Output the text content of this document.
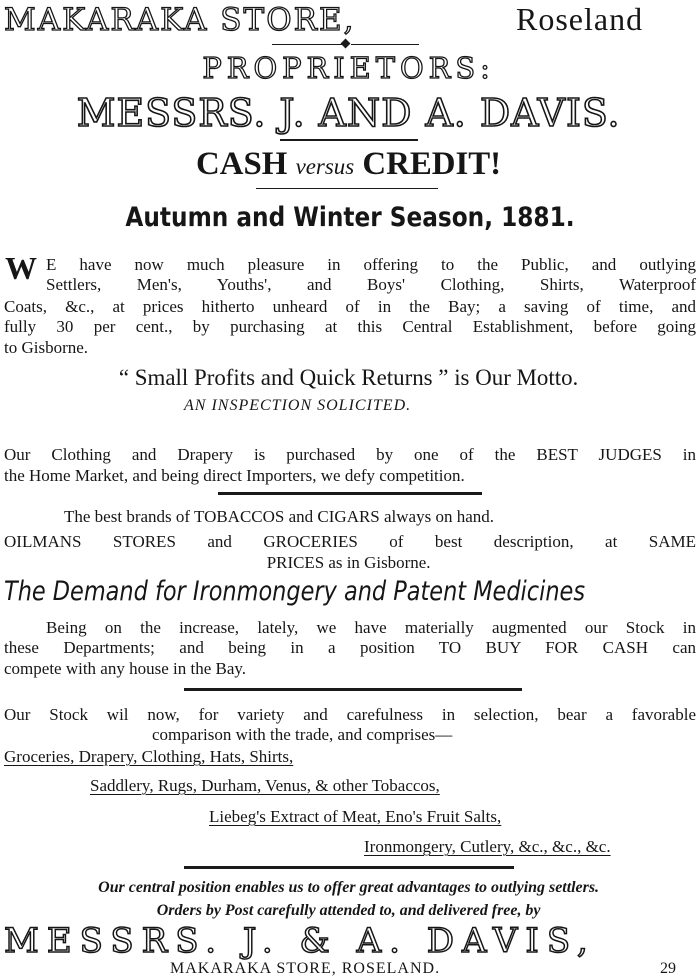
MAKARAKA STORE,	Roseland
PROPRIETORS:
MESSRS. J. AND A. DAVIS.
CASH versus CREDIT!
Autumn and Winter Season, 1881.
W E have now much pleasure in offering to the Public, and outlying
Settlers, Men's, Youths', and Boys' Clothing, Shirts, Waterproof
Coats, &c., at prices hitherto unheard of in the Bay; a saving of time, and
fully 30 per cent., by purchasing at this Central Establishment, before going
to Gisborne.
“ Small Profits and Quick Returns ” is Our Motto.
AN INSPECTION SOLICITED.
Our Clothing and Drapery is purchased by one of the BEST JUDGES in
the Home Market, and being direct Importers, we defy competition.
The best brands of TOBACCOS and CIGARS always on hand.
OILMANS STORES and GROCERIES of best description, at SAME
PRICES as in Gisborne.
The Demand for Ironmongery and Patent Medicines
Being on the increase, lately, we have materially augmented our Stock in
these Departments; and being in a position TO BUY FOR CASH can
compete with any house in the Bay.
Our Stock wil now, for variety and carefulness in selection, bear a favorable
comparison with the trade, and comprises—
Groceries, Drapery, Clothing, Hats, Shirts,
Saddlery, Rugs, Durham, Venus, & other Tobaccos,
Liebeg's Extract of Meat, Eno's Fruit Salts,
Ironmongery, Cutlery, &c., &c., &c.
Our central position enables us to offer great advantages to outlying settlers.
Orders by Post carefully attended to, and delivered free, by
MESSRS. J. & A. DAVIS,
MAKARAKA STORE, ROSELAND.	29
